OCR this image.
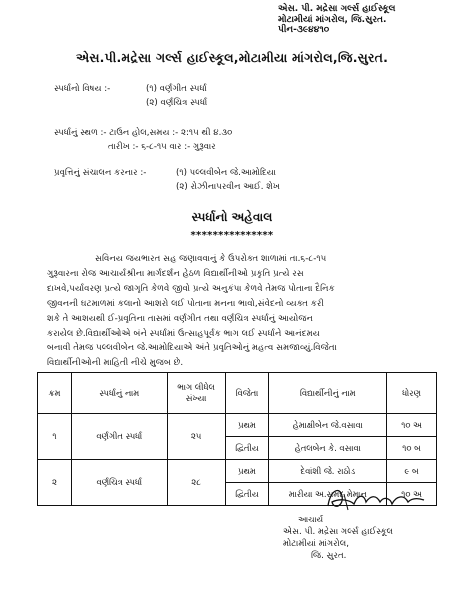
એસ. પી. મદ્રેસા ગર્લ્સ હાઈસ્કૂલ
મોટામીયાં માંગરોલ, જિ.સુરત.
પીન-૩૯૪૪૧૦
એસ.પી.મદ્રેસા ગર્લ્સ હાઈસ્કૂલ,મોટામીયા માંગરોલ,જિ.સુરત.
સ્પર્ધાનો વિષય :-	(૧) વર્ણગીત સ્પર્ધા
(૨) વર્ણચિત્ર સ્પર્ધા
સ્પર્ધાનું સ્થળ :- ટાઉન હોલ,સમય :- ૨:૧૫ થી ૪.૩૦
તારીખ :- ૬-૮-૧૫ વાર :- ગુરૂવાર
પ્રવૃત્તિનું સંચાલન કરનાર :-	(૧) પલ્લવીબેન જે.આમોદિયા
(૨) રોઝીનાપરવીન આઈ. શેખ
સ્પર્ધાનો અહેવાલ
***************
સવિનય જયભારત સહ જણાવવાનું કે ઉપરોક્ત શાળામાં તા.૬-૮-૧૫
ગુરૂવારના રોજ આચાર્યશ્રીના માર્ગદર્શન હેઠળ વિદ્યાર્થીનીઓ પ્રકૃતિ પ્રત્યે રસ
દાખવે,પર્યાવરણ પ્રત્યે જાગૃતિ કેળવે જીવો પ્રત્યે અનુકંપા કેળવે તેમજ પોતાના દૈનિક
જીવનની ઘટમાળમાં કલાનો આશરો લઈ પોતાના મનના ભાવો,સંવેદનો વ્યક્ત કરી
શકે તે આશયથી ઈ-પ્રવૃતિના તાસમાં વર્ણગીત તથા વર્ણચિત્ર સ્પર્ધાનું આયોજન
કરાયેલ છે.વિદ્યાર્થીઓએ બંને સ્પર્ધામાં ઉત્સાહપૂર્વક ભાગ લઈ સ્પર્ધાને આનંદમય
બનાવી તેમજ પલ્લવીબેન જે.આમોદિયાએ અંતે પ્રવૃતિઓનું મહત્વ સમજાવ્યું.વિજેતા
વિદ્યાર્થીનીઓની માહિતી નીચે મુજબ છે.
ક્રમ	સ્પર્ધાનું નામ	ભાગ લીધેલ સંખ્યા	વિજેતા	વિદ્યાર્થીનીનું નામ	ધોરણ
૧	વર્ણગીત સ્પર્ધા	૨૫	પ્રથમ	હેમાક્ષીબેન જે.વસાવા	૧૦ અ
			દ્વિતીય	હેતલબેન કે. વસાવા	૧૦ બ
૨	વર્ણચિત્ર સ્પર્ધા	૨૮	પ્રથમ	દેવાંશી જે. રાઠોડ	૯ બ
			દ્વિતીય	મારીયા અ.સમદ મેમાન	૧૦ અ
આચાર્ય
એસ. પી. મદ્રેસા ગર્લ્સ હાઈસ્કૂલ
મોટામીયાં માંગરોલ,
જિ. સુરત.
